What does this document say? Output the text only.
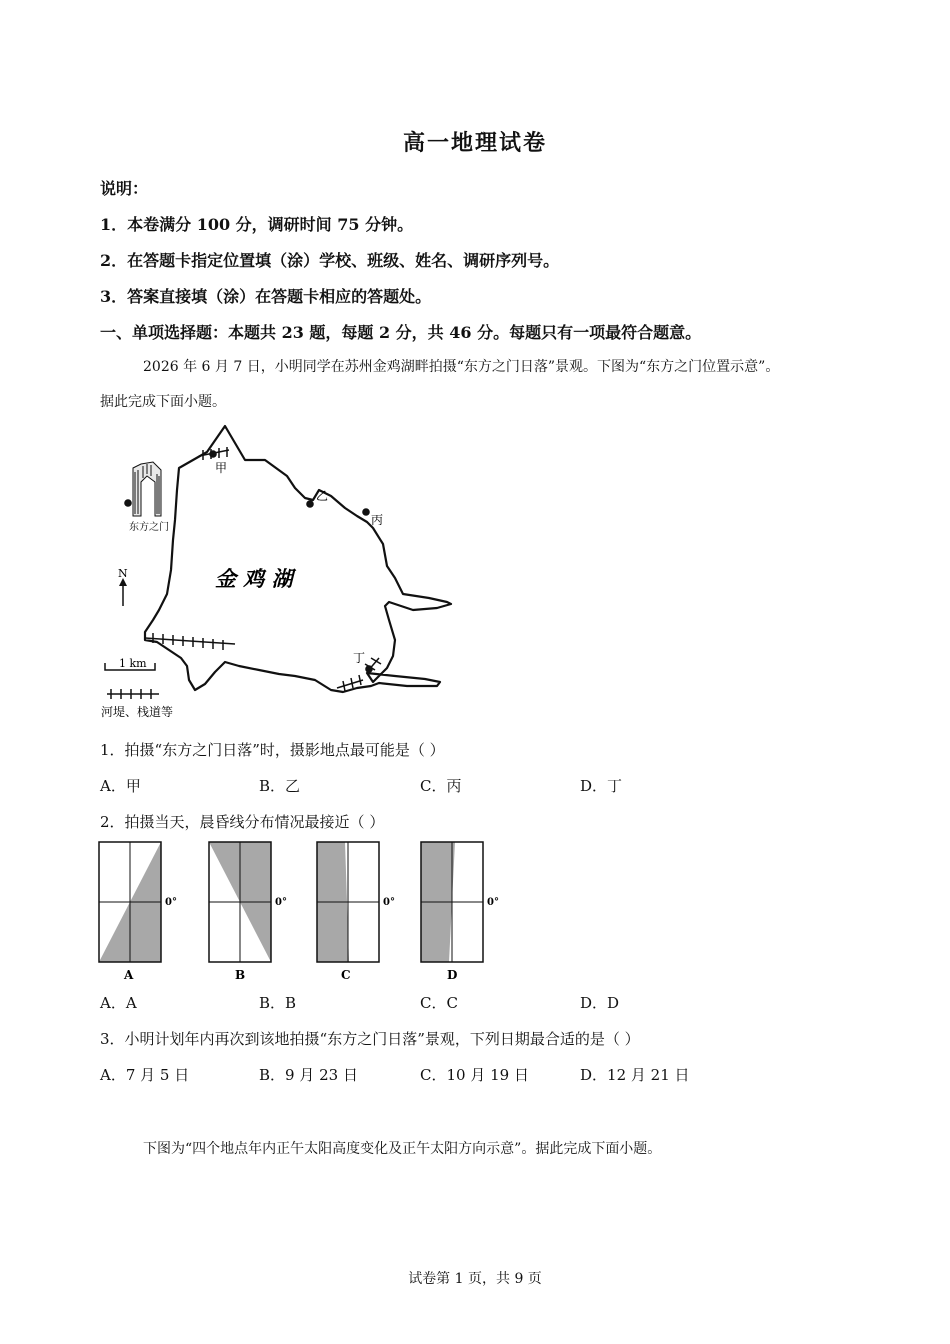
高一地理试卷
说明：
1．本卷满分 100 分，调研时间 75 分钟。
2．在答题卡指定位置填（涂）学校、班级、姓名、调研序列号。
3．答案直接填（涂）在答题卡相应的答题处。
一、单项选择题：本题共 23 题，每题 2 分，共 46 分。每题只有一项最符合题意。
2026 年 6 月 7 日，小明同学在苏州金鸡湖畔拍摄“东方之门日落”景观。下图为“东方之门位置示意”。
据此完成下面小题。
东方之门
甲
乙
丙
丁
金 鸡 湖
N
1 km
河堤、栈道等
1．拍摄“东方之门日落”时，摄影地点最可能是（ ）
A．甲	B．乙	C．丙	D．丁
2．拍摄当天，晨昏线分布情况最接近（ ）
0°
A
0°
B
0°
C
0°
D
A．A	B．B	C．C	D．D
3．小明计划年内再次到该地拍摄“东方之门日落”景观，下列日期最合适的是（ ）
A．7 月 5 日	B．9 月 23 日	C．10 月 19 日	D．12 月 21 日
下图为“四个地点年内正午太阳高度变化及正午太阳方向示意”。据此完成下面小题。
试卷第 1 页，共 9 页
